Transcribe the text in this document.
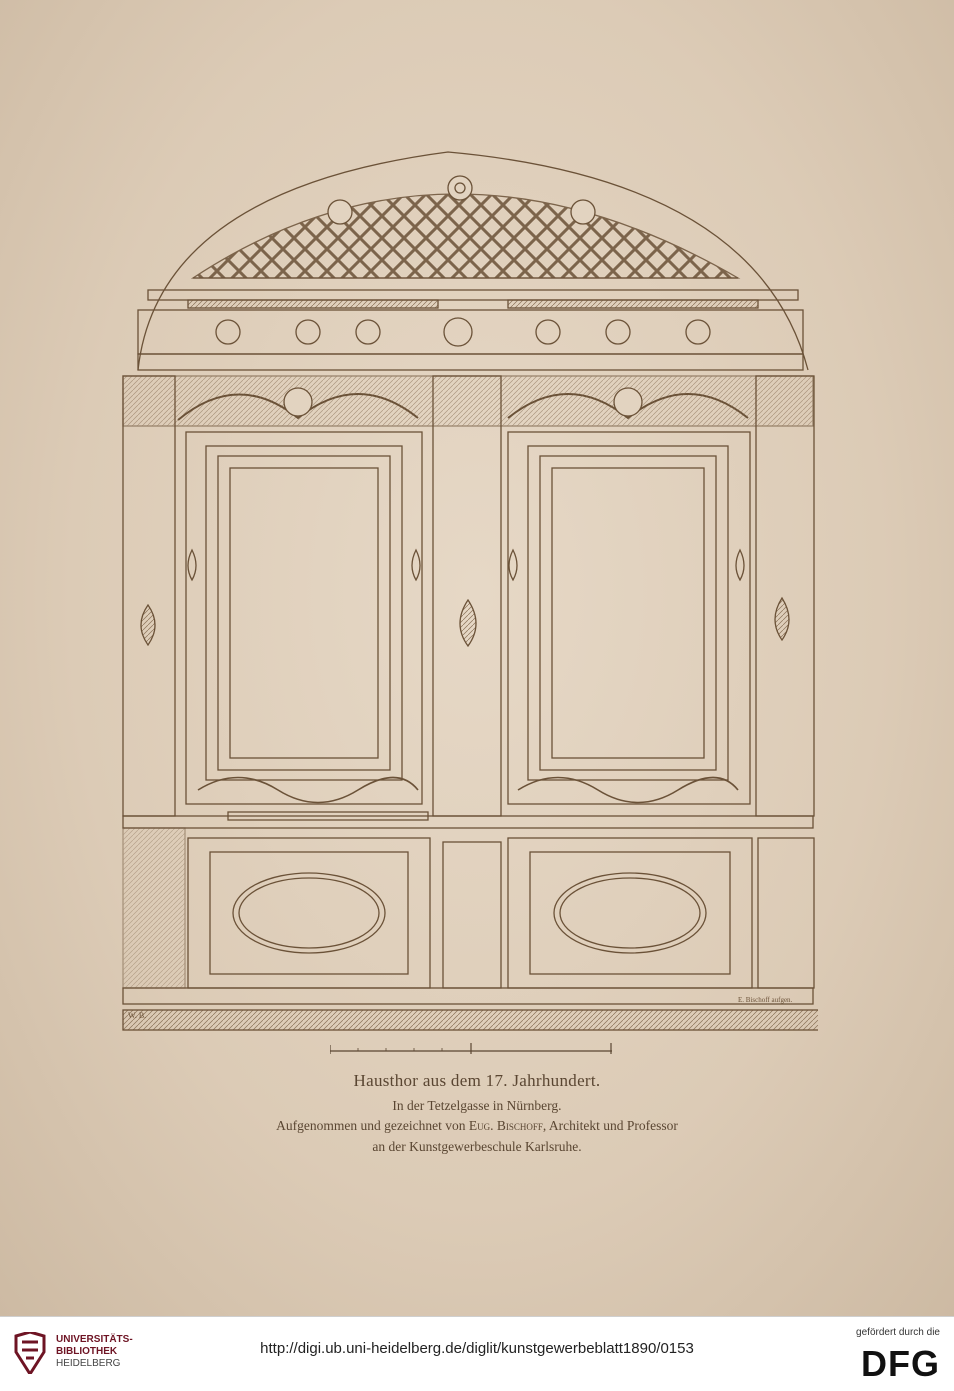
W. B.
E. Bischoff aufgen.
Hausthor aus dem 17. Jahrhundert.
In der Tetzelgasse in Nürnberg.
Aufgenommen und gezeichnet von Eug. Bischoff, Architekt und Professor
an der Kunstgewerbeschule Karlsruhe.
UNIVERSITÄTS-
BIBLIOTHEK
HEIDELBERG
http://digi.ub.uni-heidelberg.de/diglit/kunstgewerbeblatt1890/0153
gefördert durch die
DFG
